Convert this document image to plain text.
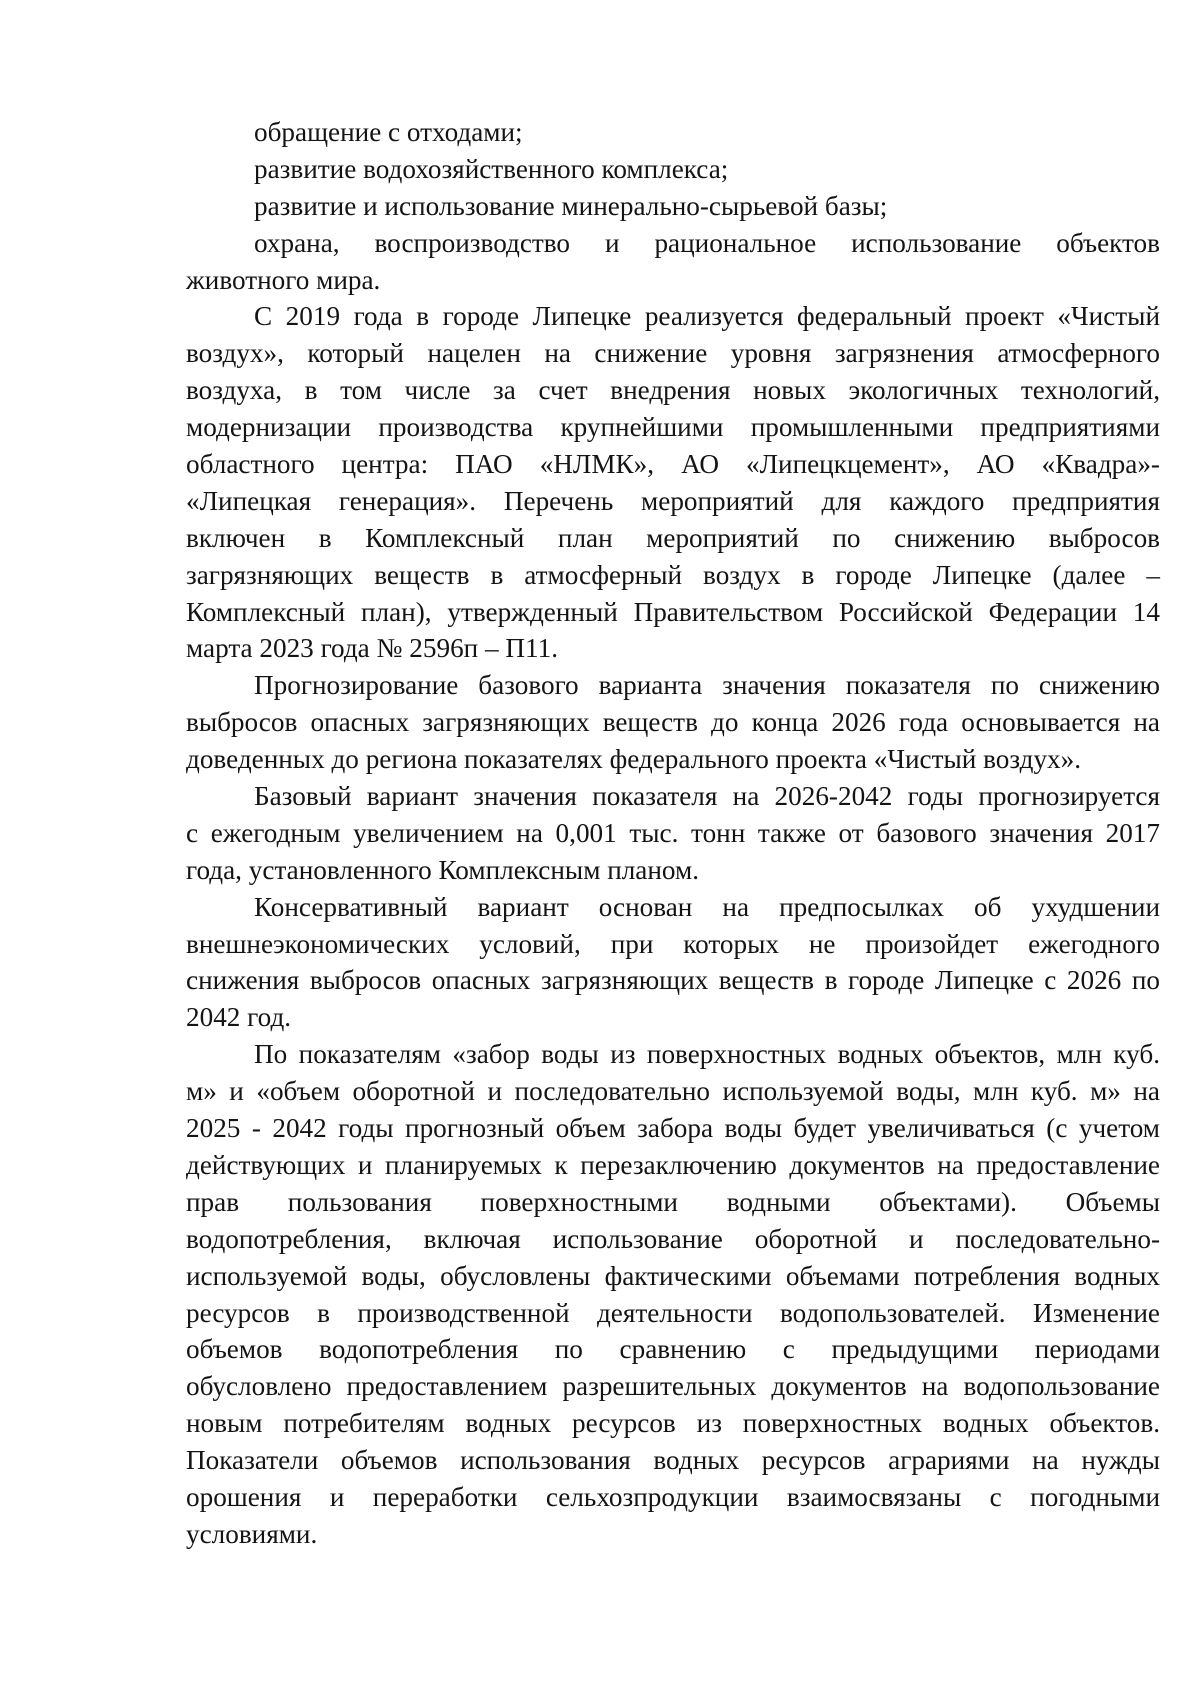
обращение с отходами;
развитие водохозяйственного комплекса;
развитие и использование минерально-сырьевой базы;
охрана, воспроизводство и рациональное использование объектов
животного мира.
С 2019 года в городе Липецке реализуется федеральный проект «Чистый
воздух», который нацелен на снижение уровня загрязнения атмосферного
воздуха, в том числе за счет внедрения новых экологичных технологий,
модернизации производства крупнейшими промышленными предприятиями
областного центра: ПАО «НЛМК», АО «Липецкцемент», АО «Квадра»-
«Липецкая генерация». Перечень мероприятий для каждого предприятия
включен в Комплексный план мероприятий по снижению выбросов
загрязняющих веществ в атмосферный воздух в городе Липецке (далее –
Комплексный план), утвержденный Правительством Российской Федерации 14
марта 2023 года № 2596п – П11.
Прогнозирование базового варианта значения показателя по снижению
выбросов опасных загрязняющих веществ до конца 2026 года основывается на
доведенных до региона показателях федерального проекта «Чистый воздух».
Базовый вариант значения показателя на 2026-2042 годы прогнозируется
с ежегодным увеличением на 0,001 тыс. тонн также от базового значения 2017
года, установленного Комплексным планом.
Консервативный вариант основан на предпосылках об ухудшении
внешнеэкономических условий, при которых не произойдет ежегодного
снижения выбросов опасных загрязняющих веществ в городе Липецке с 2026 по
2042 год.
По показателям «забор воды из поверхностных водных объектов, млн куб.
м» и «объем оборотной и последовательно используемой воды, млн куб. м» на
2025 - 2042 годы прогнозный объем забора воды будет увеличиваться (с учетом
действующих и планируемых к перезаключению документов на предоставление
прав пользования поверхностными водными объектами). Объемы
водопотребления, включая использование оборотной и последовательно-
используемой воды, обусловлены фактическими объемами потребления водных
ресурсов в производственной деятельности водопользователей. Изменение
объемов водопотребления по сравнению с предыдущими периодами
обусловлено предоставлением разрешительных документов на водопользование
новым потребителям водных ресурсов из поверхностных водных объектов.
Показатели объемов использования водных ресурсов аграриями на нужды
орошения и переработки сельхозпродукции взаимосвязаны с погодными
условиями.
